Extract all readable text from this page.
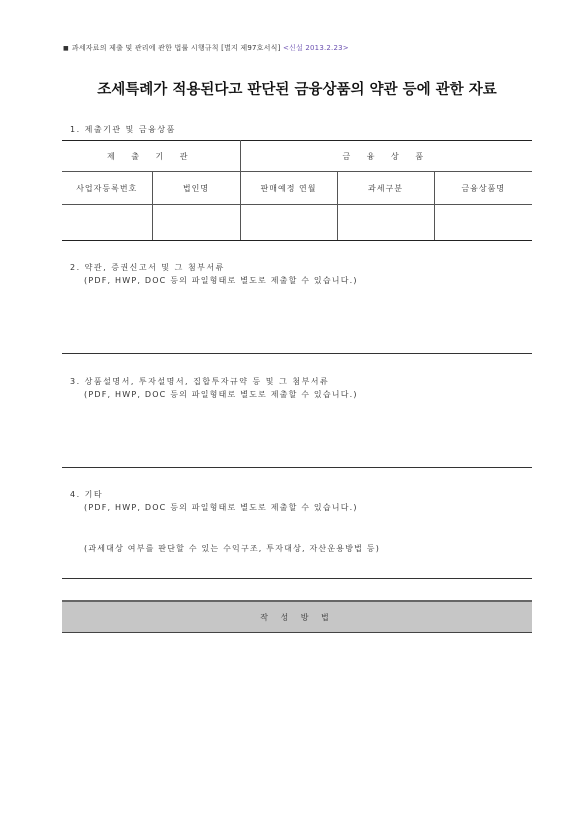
■ 과세자료의 제출 및 관리에 관한 법률 시행규칙 [별지 제97호서식] <신설 2013.2.23>
조세특례가 적용된다고 판단된 금융상품의 약관 등에 관한 자료
1. 제출기관 및 금융상품
제 출 기 관		금 융 상 품		
사업자등록번호	법인명	판매예정 연월	과세구분	금융상품명

2. 약관, 증권신고서 및 그 첨부서류
(PDF, HWP, DOC 등의 파일형태로 별도로 제출할 수 있습니다.)
3. 상품설명서, 투자설명서, 집합투자규약 등 및 그 첨부서류
(PDF, HWP, DOC 등의 파일형태로 별도로 제출할 수 있습니다.)
4. 기타
(PDF, HWP, DOC 등의 파일형태로 별도로 제출할 수 있습니다.)
(과세대상 여부를 판단할 수 있는 수익구조, 투자대상, 자산운용방법 등)
작 성 방 법
